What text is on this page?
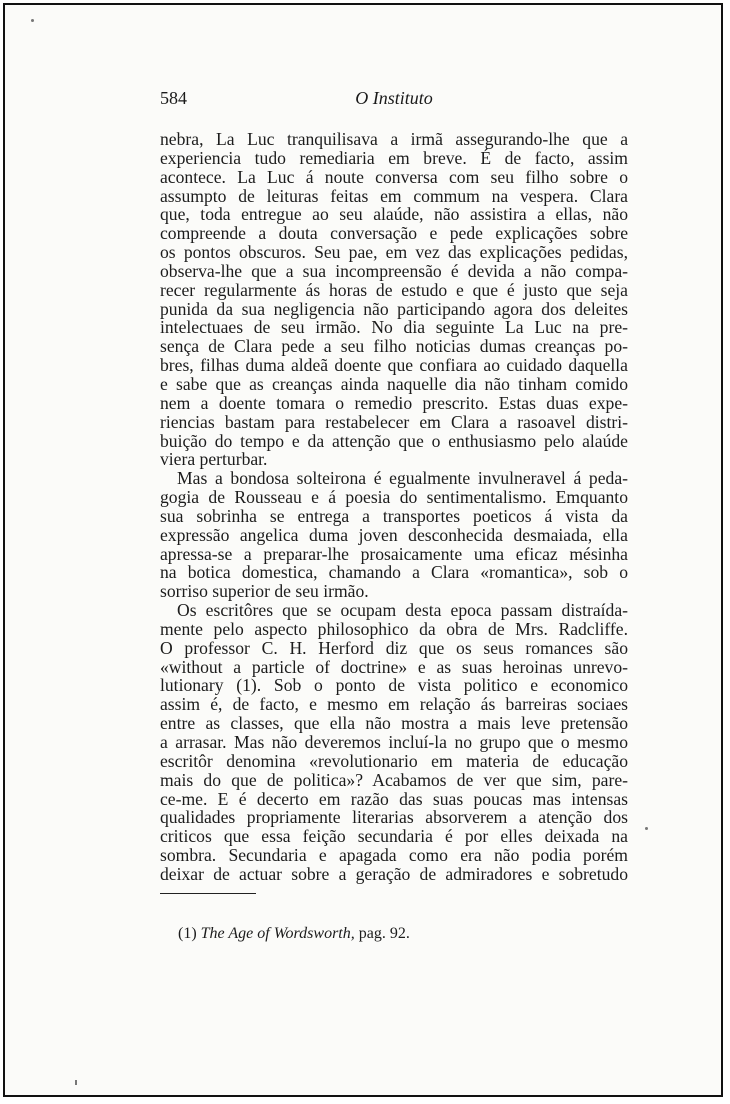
584	O Instituto
nebra, La Luc tranquilisava a irmã assegurando-lhe que a
experiencia tudo remediaria em breve. É de facto, assim
acontece. La Luc á noute conversa com seu filho sobre o
assumpto de leituras feitas em commum na vespera. Clara
que, toda entregue ao seu alaúde, não assistira a ellas, não
compreende a douta conversação e pede explicações sobre
os pontos obscuros. Seu pae, em vez das explicações pedidas,
observa-lhe que a sua incompreensão é devida a não compa-
recer regularmente ás horas de estudo e que é justo que seja
punida da sua negligencia não participando agora dos deleites
intelectuaes de seu irmão. No dia seguinte La Luc na pre-
sença de Clara pede a seu filho noticias dumas creanças po-
bres, filhas duma aldeã doente que confiara ao cuidado daquella
e sabe que as creanças ainda naquelle dia não tinham comido
nem a doente tomara o remedio prescrito. Estas duas expe-
riencias bastam para restabelecer em Clara a rasoavel distri-
buição do tempo e da attenção que o enthusiasmo pelo alaúde
viera perturbar.
Mas a bondosa solteirona é egualmente invulneravel á peda-
gogia de Rousseau e á poesia do sentimentalismo. Emquanto
sua sobrinha se entrega a transportes poeticos á vista da
expressão angelica duma joven desconhecida desmaiada, ella
apressa-se a preparar-lhe prosaicamente uma eficaz mésinha
na botica domestica, chamando a Clara «romantica», sob o
sorriso superior de seu irmão.
Os escritôres que se ocupam desta epoca passam distraída-
mente pelo aspecto philosophico da obra de Mrs. Radcliffe.
O professor C. H. Herford diz que os seus romances são
«without a particle of doctrine» e as suas heroinas unrevo-
lutionary (1). Sob o ponto de vista politico e economico
assim é, de facto, e mesmo em relação ás barreiras sociaes
entre as classes, que ella não mostra a mais leve pretensão
a arrasar. Mas não deveremos incluí-la no grupo que o mesmo
escritôr denomina «revolutionario em materia de educação
mais do que de politica»? Acabamos de ver que sim, pare-
ce-me. E é decerto em razão das suas poucas mas intensas
qualidades propriamente literarias absorverem a atenção dos
criticos que essa feição secundaria é por elles deixada na
sombra. Secundaria e apagada como era não podia porém
deixar de actuar sobre a geração de admiradores e sobretudo
(1) The Age of Wordsworth, pag. 92.
